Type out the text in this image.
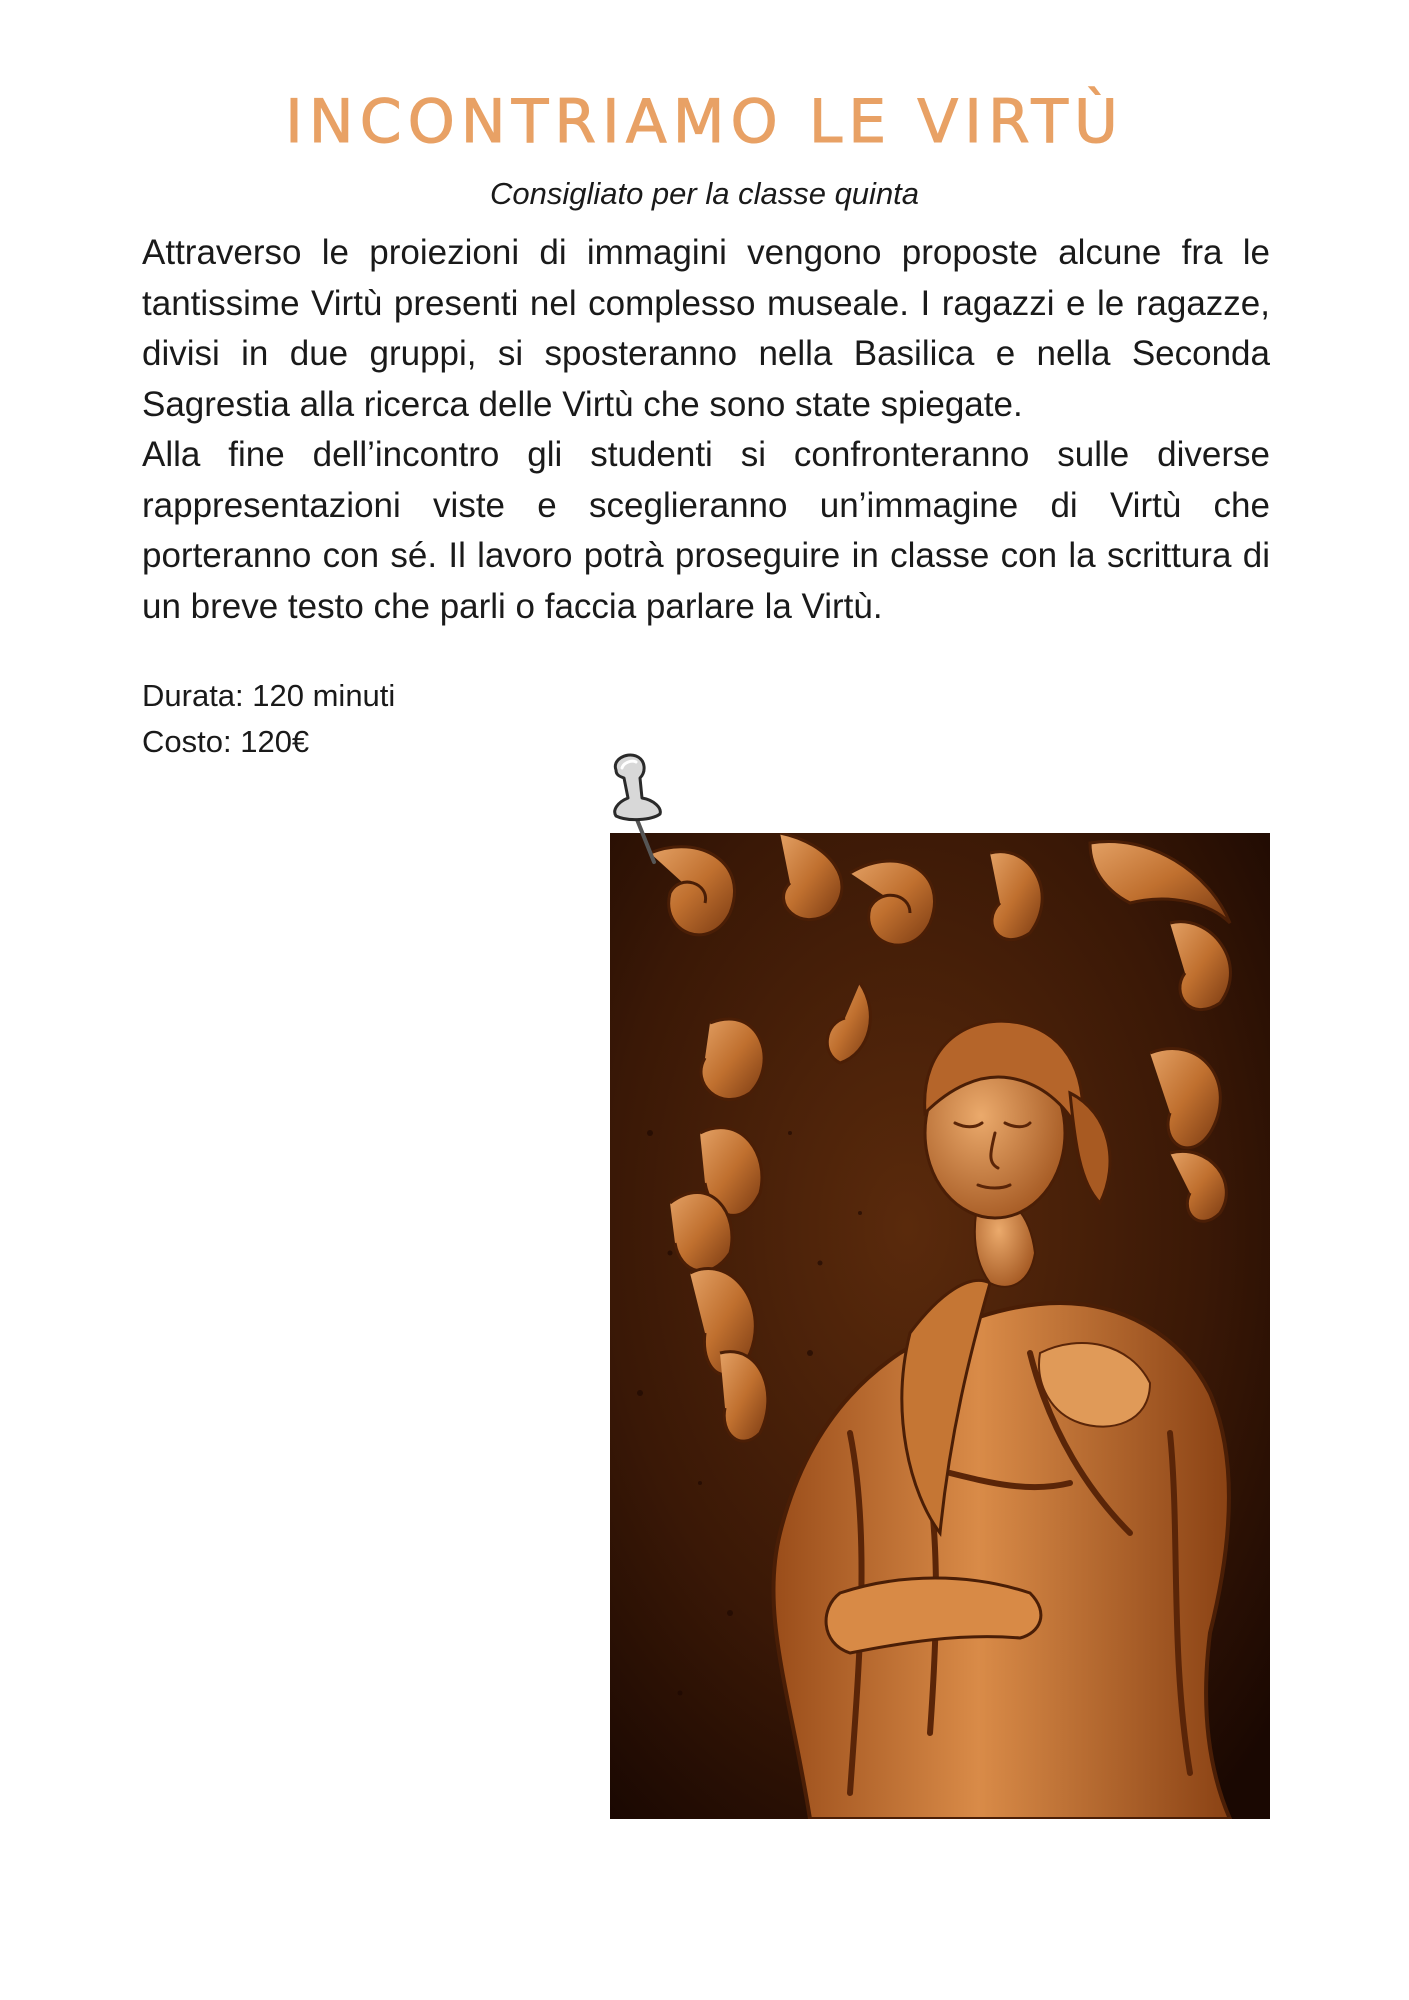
INCONTRIAMO LE VIRTÙ
Consigliato per la classe quinta

Attraverso le proiezioni di immagini vengono proposte alcune fra le tantissime Virtù presenti nel complesso museale. I ragazzi e le ragazze, divisi in due gruppi, si sposteranno nella Basilica e nella Seconda Sagrestia alla ricerca delle Virtù che sono state spiegate.

Alla fine dell’incontro gli studenti si confronteranno sulle diverse rappresentazioni viste e sceglieranno un’immagine di Virtù che porteranno con sé. Il lavoro potrà proseguire in classe con la scrittura di un breve testo che parli o faccia parlare la Virtù.

Durata: 120 minuti
Costo: 120€
